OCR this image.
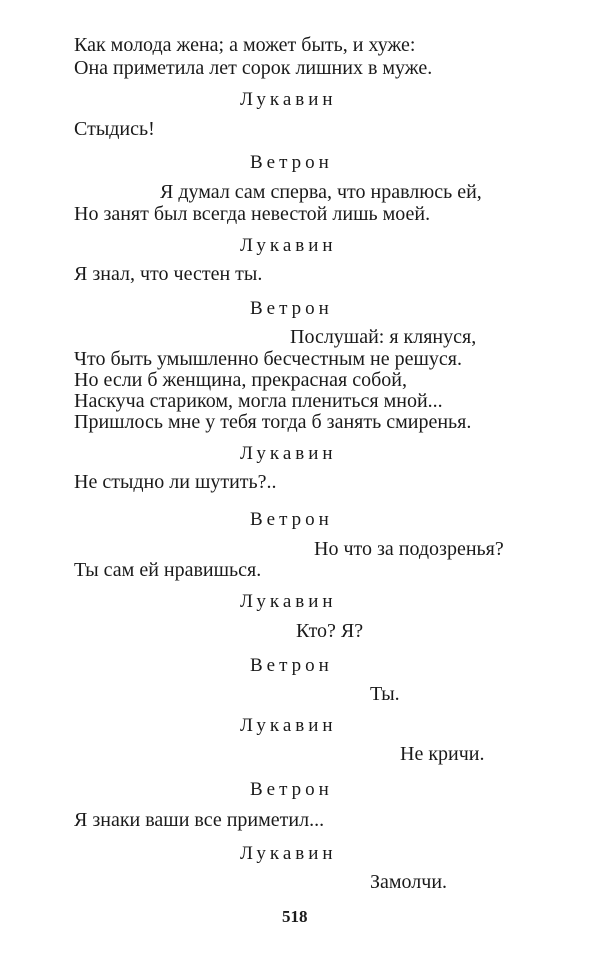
Как молода жена; а может быть, и хуже:
Она приметила лет сорок лишних в муже.
Лукавин
Стыдись!
Ветрон
Я думал сам сперва, что нравлюсь ей,
Но занят был всегда невестой лишь моей.
Лукавин
Я знал, что честен ты.
Ветрон
Послушай: я клянуся,
Что быть умышленно бесчестным не решуся.
Но если б женщина, прекрасная собой,
Наскуча стариком, могла плениться мной...
Пришлось мне у тебя тогда б занять смиренья.
Лукавин
Не стыдно ли шутить?..
Ветрон
Но что за подозренья?
Ты сам ей нравишься.
Лукавин
Кто? Я?
Ветрон
Ты.
Лукавин
Не кричи.
Ветрон
Я знаки ваши все приметил...
Лукавин
Замолчи.
518
